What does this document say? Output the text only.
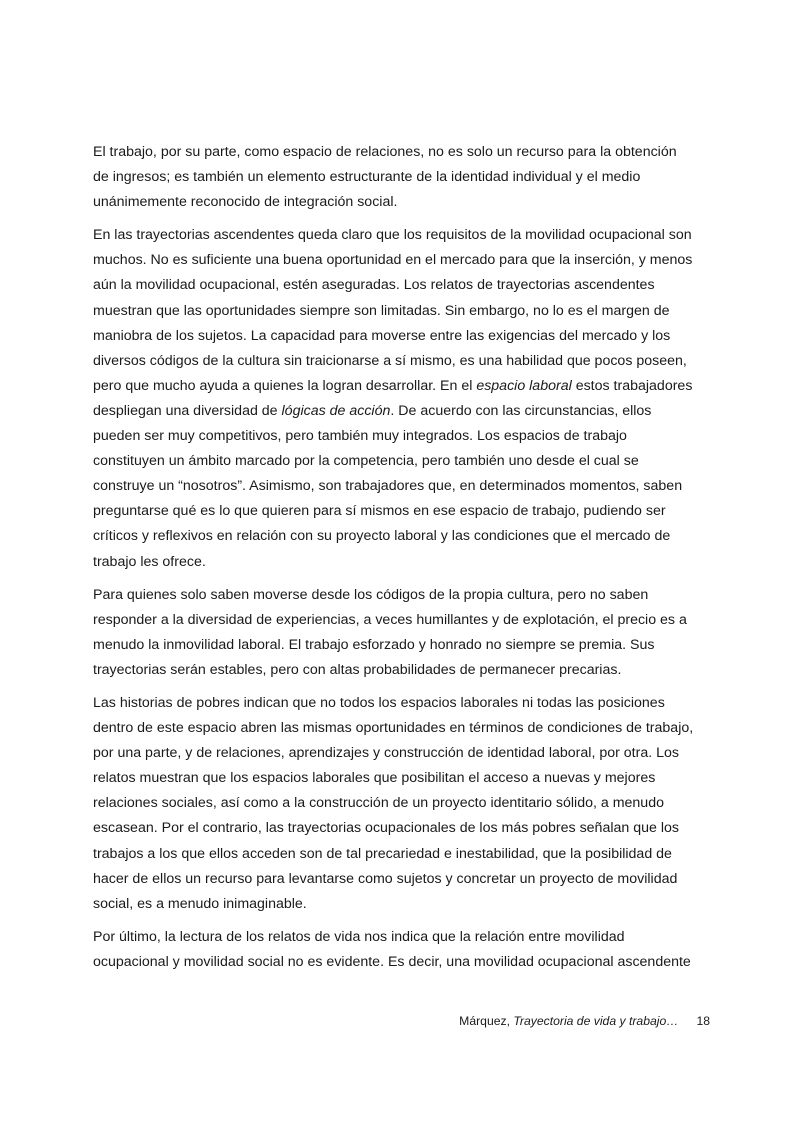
El trabajo, por su parte, como espacio de relaciones, no es solo un recurso para la obtención
de ingresos; es también un elemento estructurante de la identidad individual y el medio
unánimemente reconocido de integración social.

En las trayectorias ascendentes queda claro que los requisitos de la movilidad ocupacional son
muchos. No es suficiente una buena oportunidad en el mercado para que la inserción, y menos
aún la movilidad ocupacional, estén aseguradas. Los relatos de trayectorias ascendentes
muestran que las oportunidades siempre son limitadas. Sin embargo, no lo es el margen de
maniobra de los sujetos. La capacidad para moverse entre las exigencias del mercado y los
diversos códigos de la cultura sin traicionarse a sí mismo, es una habilidad que pocos poseen,
pero que mucho ayuda a quienes la logran desarrollar. En el espacio laboral estos trabajadores
despliegan una diversidad de lógicas de acción. De acuerdo con las circunstancias, ellos
pueden ser muy competitivos, pero también muy integrados. Los espacios de trabajo
constituyen un ámbito marcado por la competencia, pero también uno desde el cual se
construye un “nosotros”. Asimismo, son trabajadores que, en determinados momentos, saben
preguntarse qué es lo que quieren para sí mismos en ese espacio de trabajo, pudiendo ser
críticos y reflexivos en relación con su proyecto laboral y las condiciones que el mercado de
trabajo les ofrece.

Para quienes solo saben moverse desde los códigos de la propia cultura, pero no saben
responder a la diversidad de experiencias, a veces humillantes y de explotación, el precio es a
menudo la inmovilidad laboral. El trabajo esforzado y honrado no siempre se premia. Sus
trayectorias serán estables, pero con altas probabilidades de permanecer precarias.

Las historias de pobres indican que no todos los espacios laborales ni todas las posiciones
dentro de este espacio abren las mismas oportunidades en términos de condiciones de trabajo,
por una parte, y de relaciones, aprendizajes y construcción de identidad laboral, por otra. Los
relatos muestran que los espacios laborales que posibilitan el acceso a nuevas y mejores
relaciones sociales, así como a la construcción de un proyecto identitario sólido, a menudo
escasean. Por el contrario, las trayectorias ocupacionales de los más pobres señalan que los
trabajos a los que ellos acceden son de tal precariedad e inestabilidad, que la posibilidad de
hacer de ellos un recurso para levantarse como sujetos y concretar un proyecto de movilidad
social, es a menudo inimaginable.

Por último, la lectura de los relatos de vida nos indica que la relación entre movilidad
ocupacional y movilidad social no es evidente. Es decir, una movilidad ocupacional ascendente

Márquez, Trayectoria de vida y trabajo… 18
